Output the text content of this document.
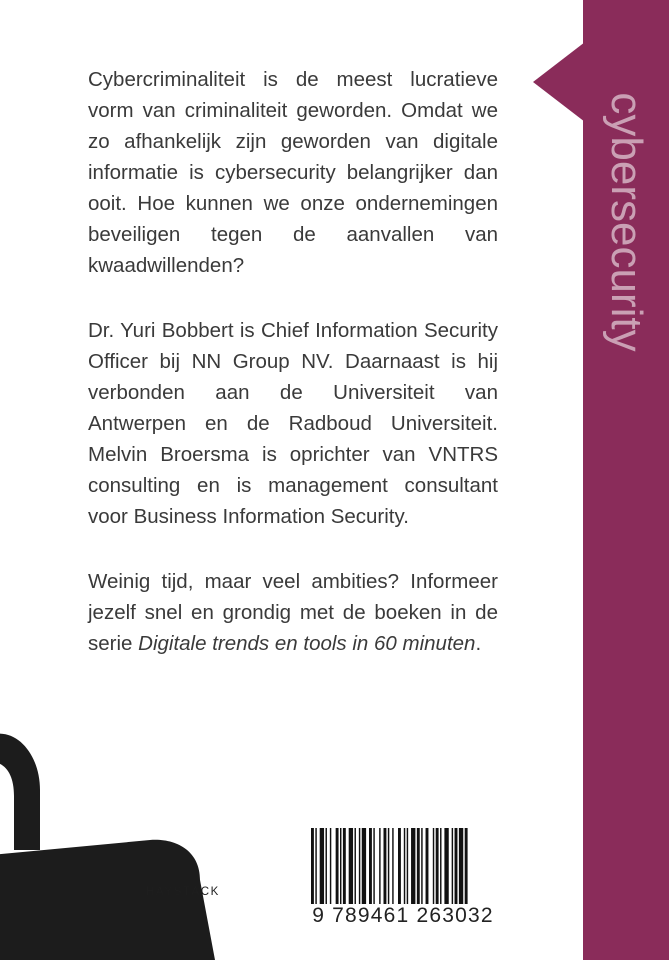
cybersecurity

Cybercriminaliteit is de meest lucratieve vorm van criminaliteit geworden. Omdat we zo afhankelijk zijn geworden van digitale informatie is cybersecurity belangrijker dan ooit. Hoe kunnen we onze ondernemingen beveiligen tegen de aanvallen van kwaadwillenden?

Dr. Yuri Bobbert is Chief Information Security Officer bij NN Group NV. Daarnaast is hij verbonden aan de Universiteit van Antwerpen en de Radboud Universiteit. Melvin Broersma is oprichter van VNTRS consulting en is management consultant voor Business Information Security.

Weinig tijd, maar veel ambities? Informeer jezelf snel en grondig met de boeken in de serie Digitale trends en tools in 60 minuten.

HAYSTACK
9 789461 263032
